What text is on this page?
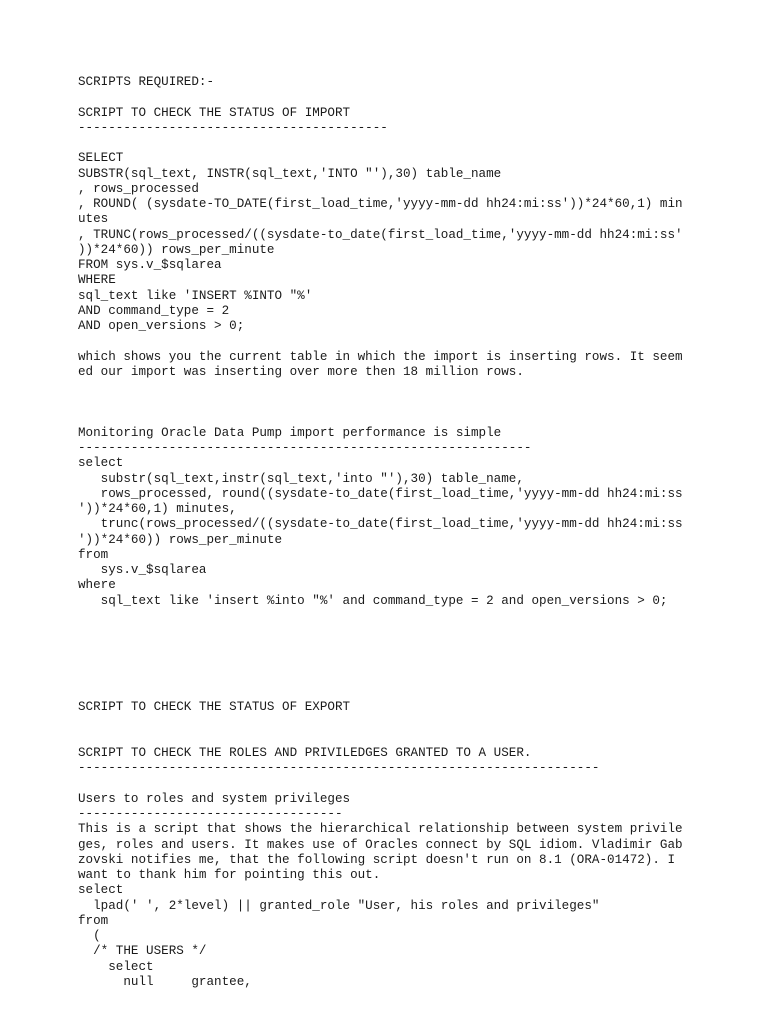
SCRIPTS REQUIRED:-
SCRIPT TO CHECK THE STATUS OF IMPORT
-----------------------------------------
SELECT
SUBSTR(sql_text, INSTR(sql_text,'INTO "'),30) table_name
, rows_processed
, ROUND( (sysdate-TO_DATE(first_load_time,'yyyy-mm-dd hh24:mi:ss'))*24*60,1) min
utes
, TRUNC(rows_processed/((sysdate-to_date(first_load_time,'yyyy-mm-dd hh24:mi:ss'
))*24*60)) rows_per_minute
FROM sys.v_$sqlarea
WHERE
sql_text like 'INSERT %INTO "%'
AND command_type = 2
AND open_versions > 0;
which shows you the current table in which the import is inserting rows. It seem
ed our import was inserting over more then 18 million rows.
Monitoring Oracle Data Pump import performance is simple
------------------------------------------------------------
select
substr(sql_text,instr(sql_text,'into "'),30) table_name,
rows_processed, round((sysdate-to_date(first_load_time,'yyyy-mm-dd hh24:mi:ss
'))*24*60,1) minutes,
trunc(rows_processed/((sysdate-to_date(first_load_time,'yyyy-mm-dd hh24:mi:ss
'))*24*60)) rows_per_minute
from
sys.v_$sqlarea
where
sql_text like 'insert %into "%' and command_type = 2 and open_versions > 0;
SCRIPT TO CHECK THE STATUS OF EXPORT
SCRIPT TO CHECK THE ROLES AND PRIVILEDGES GRANTED TO A USER.
---------------------------------------------------------------------
Users to roles and system privileges
-----------------------------------
This is a script that shows the hierarchical relationship between system privile
ges, roles and users. It makes use of Oracles connect by SQL idiom. Vladimir Gab
zovski notifies me, that the following script doesn't run on 8.1 (ORA-01472). I
want to thank him for pointing this out.
select
lpad(' ', 2*level) || granted_role "User, his roles and privileges"
from
(
/* THE USERS */
select
null     grantee,
